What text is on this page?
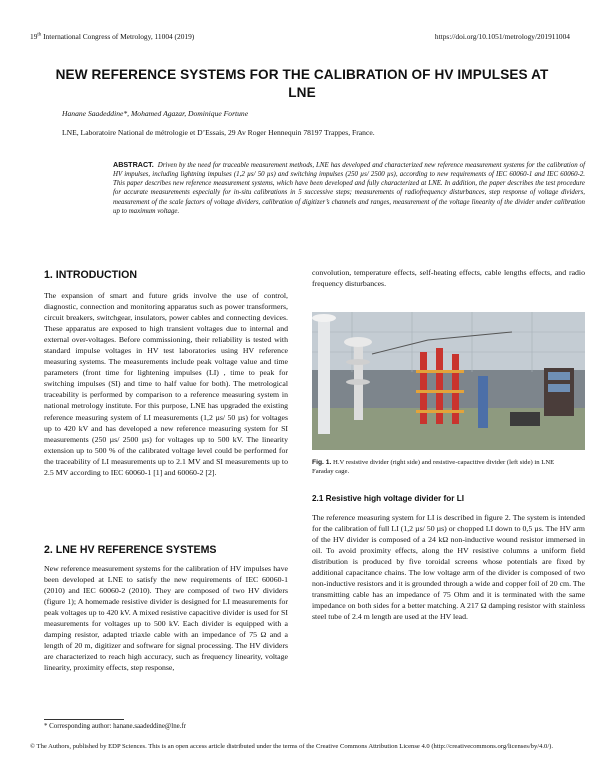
19th International Congress of Metrology, 11004 (2019)	https://doi.org/10.1051/metrology/201911004
NEW REFERENCE SYSTEMS FOR THE CALIBRATION OF HV IMPULSES AT LNE
Hanane Saadeddine*, Mohamed Agazar, Dominique Fortune
LNE, Laboratoire National de métrologie et D’Essais, 29 Av Roger Hennequin 78197 Trappes, France.
ABSTRACT. Driven by the need for traceable measurement methods, LNE has developed and characterized new reference measurement systems for the calibration of HV impulses, including lightning impulses (1,2 µs/ 50 µs) and switching impulses (250 µs/ 2500 µs), according to new requirements of IEC 60060-1 and IEC 60060-2. This paper describes new reference measurement systems, which have been developed and fully characterized at LNE. In addition, the paper describes the test procedure for accurate measurements especially for in-situ calibrations in 5 successive steps; measurements of radiofrequency disturbances, step response of voltage dividers, measurement of the scale factors of voltage dividers, calibration of digitizer’s channels and ranges, measurement of the voltage linearity of the divider under calibration up to maximum voltage.
1. INTRODUCTION

The expansion of smart and future grids involve the use of control, diagnostic, connection and monitoring apparatus such as power transformers, circuit breakers, switchgear, insulators, power cables and connecting devices. These apparatus are exposed to high transient voltages due to internal and external over-voltages. Before commissioning, their reliability is tested with standard impulse voltages in HV test laboratories using HV reference measuring systems. The measurements include peak voltage value and time parameters (front time for lightening impulses (LI) , time to peak for switching impulses (SI) and time to half value for both). The metrological traceability is performed by comparison to a reference measuring system in national metrology institute. For this purpose, LNE has upgraded the existing reference measuring system of LI measurements (1,2 µs/ 50 µs) for voltages up to 420 kV and has developed a new reference measuring system for SI measurements (250 µs/ 2500 µs) for voltages up to 500 kV. The linearity extension up to 500 % of the calibrated voltage level could be performed for the traceability of LI measurements up to 2.1 MV and SI measurements up to 2.5 MV according to IEC 60060-1 [1] and 60060-2 [2].

2. LNE HV REFERENCE SYSTEMS

New reference measurement systems for the calibration of HV impulses have been developed at LNE to satisfy the new requirements of IEC 60060-1 (2010) and IEC 60060-2 (2010). They are composed of two HV dividers (figure 1); A homemade resistive divider is designed for LI measurements for peak voltages up to 420 kV. A mixed resistive capacitive divider is used for SI measurements for voltages up to 500 kV. Each divider is equipped with a damping resistor, adapted triaxle cable with an impedance of 75 Ω and a length of 20 m, digitizer and software for signal processing. The HV dividers are characterized to reach high accuracy, such as frequency linearity, voltage linearity, proximity effects, step response,

convolution, temperature effects, self-heating effects, cable lengths effects, and radio frequency disturbances.

Fig. 1. H.V resistive divider (right side) and resistive-capacitive divider (left side) in LNE Faraday cage.
2.1 Resistive high voltage divider for LI

The reference measuring system for LI is described in figure 2. The system is intended for the calibration of full LI (1,2 µs/ 50 µs) or chopped LI down to 0,5 µs. The HV arm of the HV divider is composed of a 24 kΩ non-inductive wound resistor immersed in oil. To avoid proximity effects, along the HV resistive columns a uniform field distribution is produced by five toroidal screens whose potentials are fixed by additional capacitance chains. The low voltage arm of the divider is composed of two non-inductive resistors and it is grounded through a wide and copper foil of 20 cm. The transmitting cable has an impedance of 75 Ohm and it is terminated with the same impedance on both sides for a better matching. A 217 Ω damping resistor with stainless steel tube of 2.4 m length are used at the HV lead.

* Corresponding author: hanane.saadeddine@lne.fr
© The Authors, published by EDP Sciences. This is an open access article distributed under the terms of the Creative Commons Attribution License 4.0 (http://creativecommons.org/licenses/by/4.0/).
